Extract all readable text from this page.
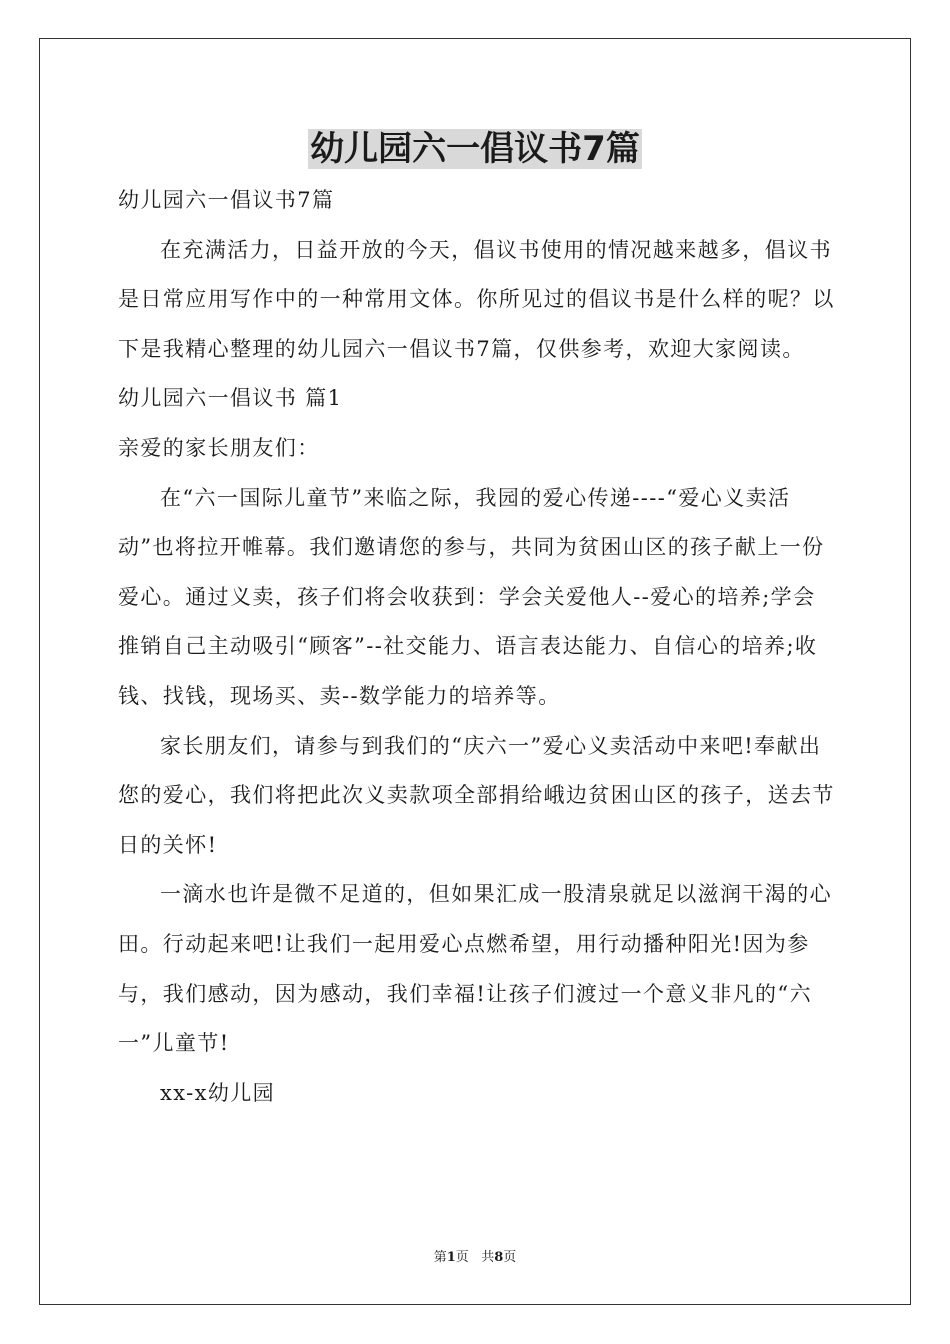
幼儿园六一倡议书7篇

幼儿园六一倡议书7篇

在充满活力，日益开放的今天，倡议书使用的情况越来越多，倡议书是日常应用写作中的一种常用文体。你所见过的倡议书是什么样的呢？以下是我精心整理的幼儿园六一倡议书7篇，仅供参考，欢迎大家阅读。

幼儿园六一倡议书 篇1

亲爱的家长朋友们：

在“六一国际儿童节”来临之际，我园的爱心传递----“爱心义卖活动”也将拉开帷幕。我们邀请您的参与，共同为贫困山区的孩子献上一份爱心。通过义卖，孩子们将会收获到：学会关爱他人--爱心的培养;学会推销自己主动吸引“顾客”--社交能力、语言表达能力、自信心的培养;收钱、找钱，现场买、卖--数学能力的培养等。

家长朋友们，请参与到我们的“庆六一”爱心义卖活动中来吧!奉献出您的爱心，我们将把此次义卖款项全部捐给峨边贫困山区的孩子，送去节日的关怀!

一滴水也许是微不足道的，但如果汇成一股清泉就足以滋润干渴的心田。行动起来吧!让我们一起用爱心点燃希望，用行动播种阳光!因为参与，我们感动，因为感动，我们幸福!让孩子们渡过一个意义非凡的“六一”儿童节!

xx-x幼儿园

第1页 共8页
